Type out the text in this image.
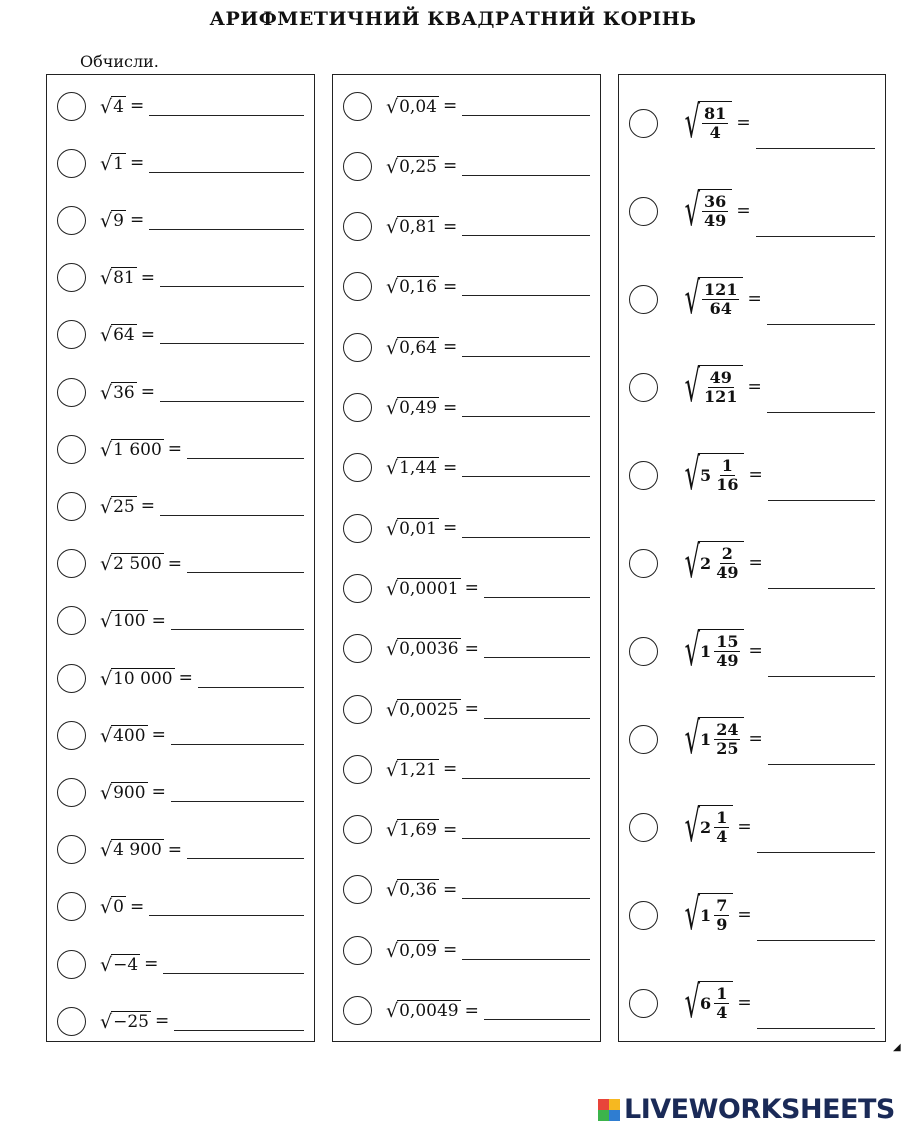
АРИФМЕТИЧНИЙ КВАДРАТНИЙ КОРІНЬ
Обчисли.
√ 4 =
√ 1 =
√ 9 =
√ 81 =
√ 64 =
√ 36 =
√ 1 600 =
√ 25 =
√ 2 500 =
√ 100 =
√ 10 000 =
√ 400 =
√ 900 =
√ 4 900 =
√ 0 =
√ −4 =
√ −25 =
√ 0,04 =
√ 0,25 =
√ 0,81 =
√ 0,16 =
√ 0,64 =
√ 0,49 =
√ 1,44 =
√ 0,01 =
√ 0,0001 =
√ 0,0036 =
√ 0,0025 =
√ 1,21 =
√ 1,69 =
√ 0,36 =
√ 0,09 =
√ 0,0049 =
√ $\frac{81}{4}$ =
√ $\frac{36}{49}$ =
√ $\frac{121}{64}$ =
√ $\frac{49}{121}$ =
√ $5 \frac{1}{16}$ =
√ $2 \frac{2}{49}$ =
√ $1 \frac{15}{49}$ =
√ $1 \frac{24}{25}$ =
√ $2 \frac{1}{4}$ =
√ $1 \frac{7}{9}$ =
√ $6 \frac{1}{4}$ =
◢
LIVEWORKSHEETS
